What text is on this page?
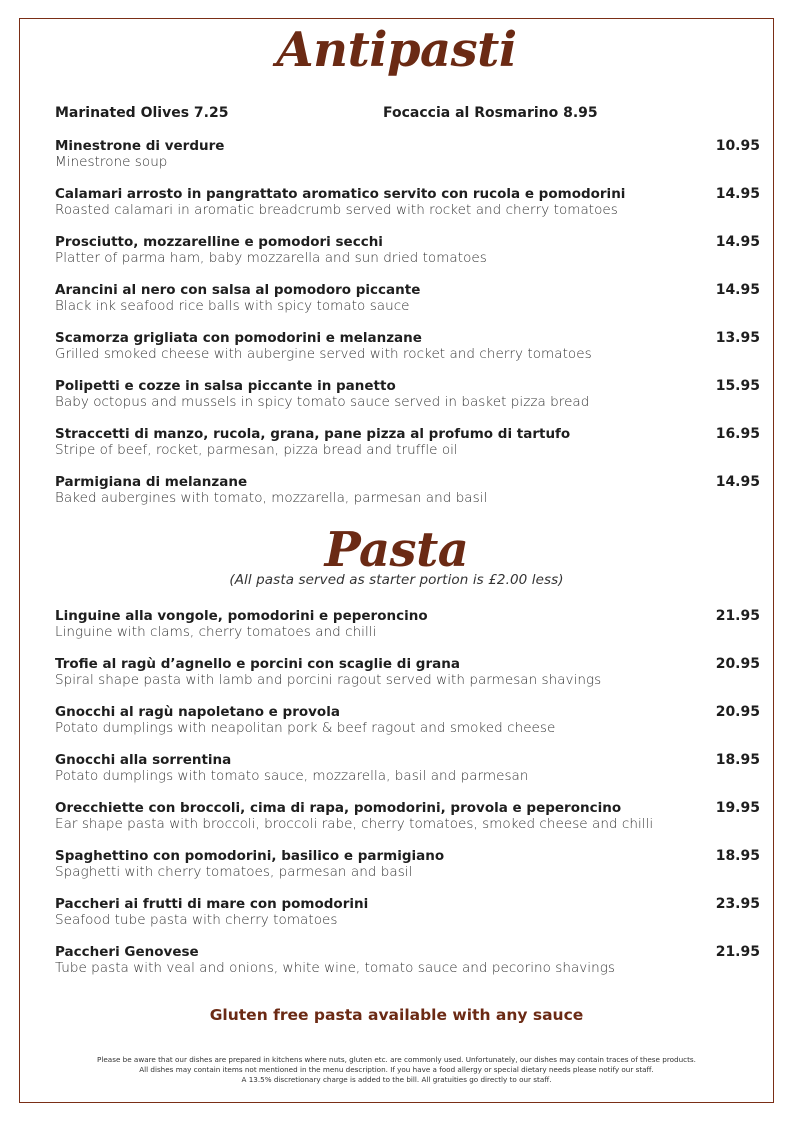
Antipasti
Marinated Olives 7.25	Focaccia al Rosmarino 8.95
Minestrone di verdure
Minestrone soup
10.95
Calamari arrosto in pangrattato aromatico servito con rucola e pomodorini
Roasted calamari in aromatic breadcrumb served with rocket and cherry tomatoes
14.95
Prosciutto, mozzarelline e pomodori secchi
Platter of parma ham, baby mozzarella and sun dried tomatoes
14.95
Arancini al nero con salsa al pomodoro piccante
Black ink seafood rice balls with spicy tomato sauce
14.95
Scamorza grigliata con pomodorini e melanzane
Grilled smoked cheese with aubergine served with rocket and cherry tomatoes
13.95
Polipetti e cozze in salsa piccante in panetto
Baby octopus and mussels in spicy tomato sauce served in basket pizza bread
15.95
Straccetti di manzo, rucola, grana, pane pizza al profumo di tartufo
Stripe of beef, rocket, parmesan, pizza bread and truffle oil
16.95
Parmigiana di melanzane
Baked aubergines with tomato, mozzarella, parmesan and basil
14.95
Pasta
(All pasta served as starter portion is £2.00 less)
Linguine alla vongole, pomodorini e peperoncino
Linguine with clams, cherry tomatoes and chilli
21.95
Trofie al ragù d’agnello e porcini con scaglie di grana
Spiral shape pasta with lamb and porcini ragout served with parmesan shavings
20.95
Gnocchi al ragù napoletano e provola
Potato dumplings with neapolitan pork & beef ragout and smoked cheese
20.95
Gnocchi alla sorrentina
Potato dumplings with tomato sauce, mozzarella, basil and parmesan
18.95
Orecchiette con broccoli, cima di rapa, pomodorini, provola e peperoncino
Ear shape pasta with broccoli, broccoli rabe, cherry tomatoes, smoked cheese and chilli
19.95
Spaghettino con pomodorini, basilico e parmigiano
Spaghetti with cherry tomatoes, parmesan and basil
18.95
Paccheri ai frutti di mare con pomodorini
Seafood tube pasta with cherry tomatoes
23.95
Paccheri Genovese
Tube pasta with veal and onions, white wine, tomato sauce and pecorino shavings
21.95
Gluten free pasta available with any sauce
Please be aware that our dishes are prepared in kitchens where nuts, gluten etc. are commonly used. Unfortunately, our dishes may contain traces of these products.
All dishes may contain items not mentioned in the menu description. If you have a food allergy or special dietary needs please notify our staff.
A 13.5% discretionary charge is added to the bill. All gratuities go directly to our staff.
